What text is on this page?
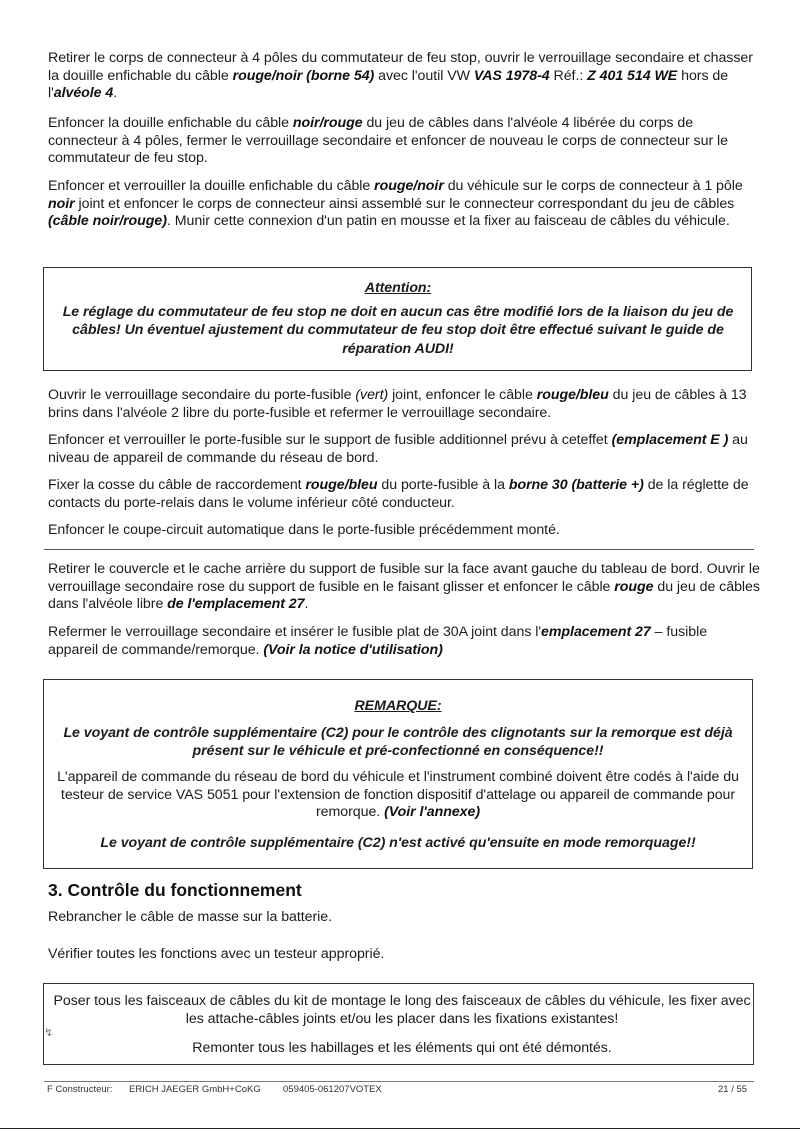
Retirer le corps de connecteur à 4 pôles du commutateur de feu stop, ouvrir le verrouillage secondaire et chasser la douille enfichable du câble rouge/noir (borne 54) avec l'outil VW VAS 1978-4 Réf.: Z 401 514 WE hors de l'alvéole 4.

Enfoncer la douille enfichable du câble noir/rouge du jeu de câbles dans l'alvéole 4 libérée du corps de connecteur à 4 pôles, fermer le verrouillage secondaire et enfoncer de nouveau le corps de connecteur sur le commutateur de feu stop.

Enfoncer et verrouiller la douille enfichable du câble rouge/noir du véhicule sur le corps de connecteur à 1 pôle noir joint et enfoncer le corps de connecteur ainsi assemblé sur le connecteur correspondant du jeu de câbles (câble noir/rouge). Munir cette connexion d'un patin en mousse et la fixer au faisceau de câbles du véhicule.

Attention:

Le réglage du commutateur de feu stop ne doit en aucun cas être modifié lors de la liaison du jeu de câbles! Un éventuel ajustement du commutateur de feu stop doit être effectué suivant le guide de réparation AUDI!

Ouvrir le verrouillage secondaire du porte-fusible (vert) joint, enfoncer le câble rouge/bleu du jeu de câbles à 13 brins dans l'alvéole 2 libre du porte-fusible et refermer le verrouillage secondaire.

Enfoncer et verrouiller le porte-fusible sur le support de fusible additionnel prévu à ceteffet (emplacement E ) au niveau de appareil de commande du réseau de bord.

Fixer la cosse du câble de raccordement rouge/bleu du porte-fusible à la borne 30 (batterie +) de la réglette de contacts du porte-relais dans le volume inférieur côté conducteur.

Enfoncer le coupe-circuit automatique dans le porte-fusible précédemment monté.

Retirer le couvercle et le cache arrière du support de fusible sur la face avant gauche du tableau de bord. Ouvrir le verrouillage secondaire rose du support de fusible en le faisant glisser et enfoncer le câble rouge du jeu de câbles dans l'alvéole libre de l'emplacement 27.

Refermer le verrouillage secondaire et insérer le fusible plat de 30A joint dans l'emplacement 27 – fusible appareil de commande/remorque. (Voir la notice d'utilisation)

REMARQUE:

Le voyant de contrôle supplémentaire (C2) pour le contrôle des clignotants sur la remorque est déjà présent sur le véhicule et pré-confectionné en conséquence!!

L'appareil de commande du réseau de bord du véhicule et l'instrument combiné doivent être codés à l'aide du testeur de service VAS 5051 pour l'extension de fonction dispositif d'attelage ou appareil de commande pour remorque. (Voir l'annexe)

Le voyant de contrôle supplémentaire (C2) n'est activé qu'ensuite en mode remorquage!!

3. Contrôle du fonctionnement

Rebrancher le câble de masse sur la batterie.

Vérifier toutes les fonctions avec un testeur approprié.

Poser tous les faisceaux de câbles du kit de montage le long des faisceaux de câbles du véhicule, les fixer avec les attache-câbles joints et/ou les placer dans les fixations existantes!

Remonter tous les habillages et les éléments qui ont été démontés.

↯
F Constructeur: ERICH JAEGER GmbH+CoKG 059405-061207VOTEX	21 / 55
